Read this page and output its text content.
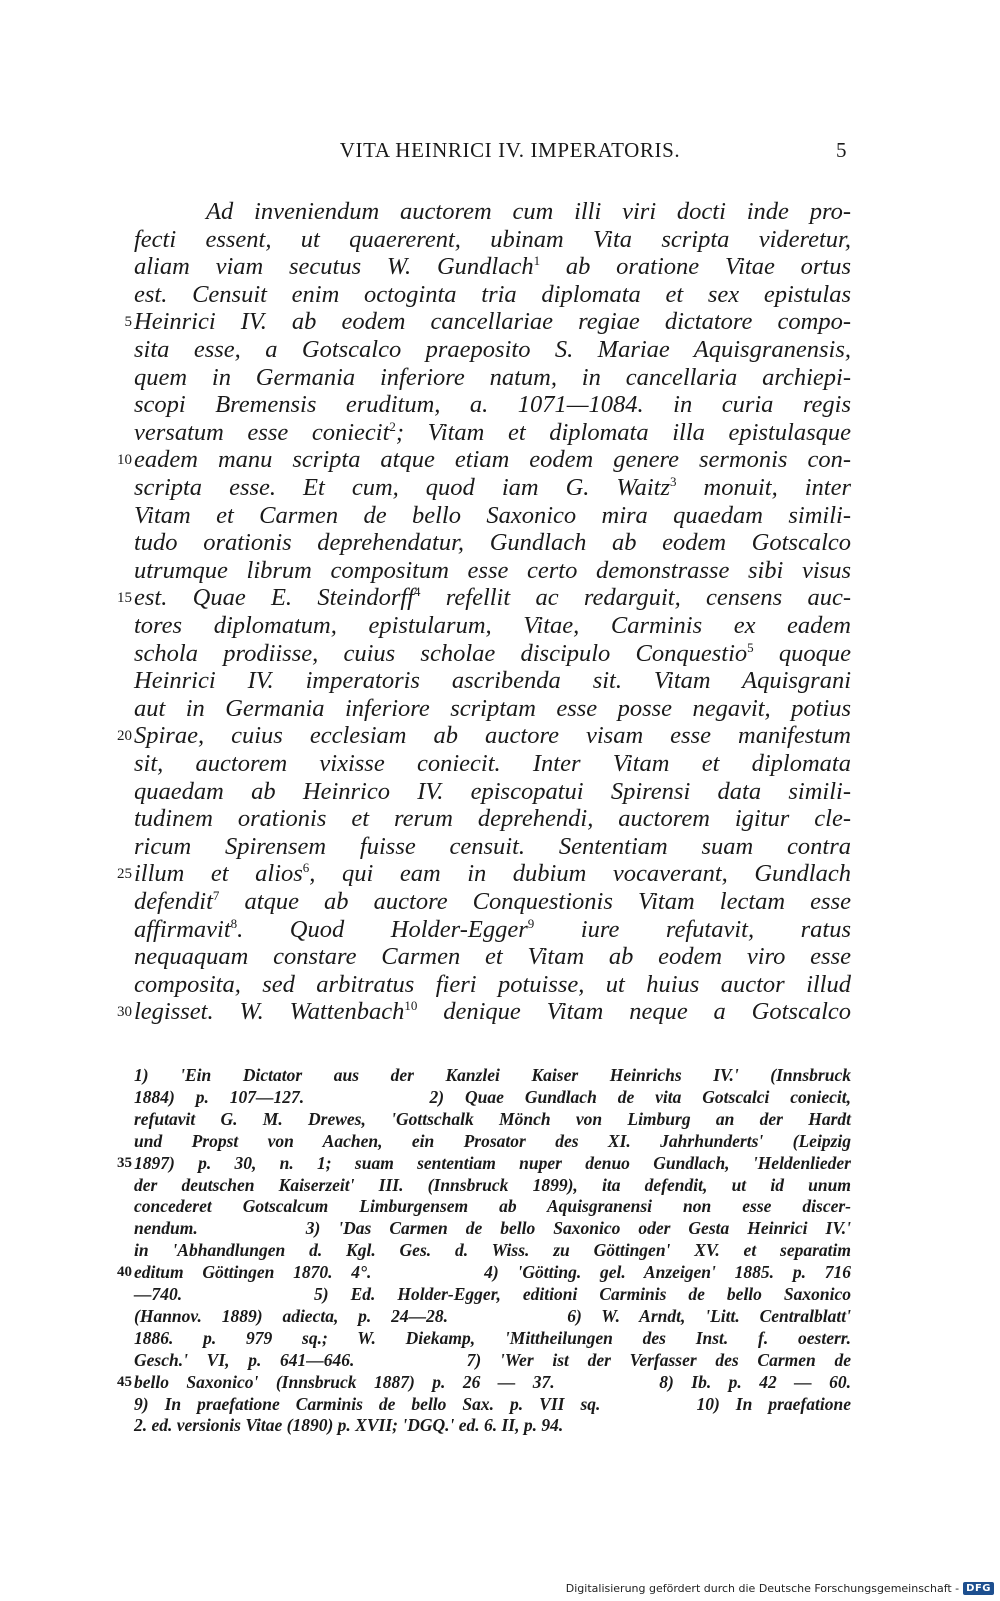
VITA HEINRICI IV. IMPERATORIS.	5
Ad inveniendum auctorem cum illi viri docti inde pro-
fecti essent, ut quaererent, ubinam Vita scripta videretur,
aliam viam secutus W. Gundlach$^1$ ab oratione Vitae ortus
est. Censuit enim octoginta tria diplomata et sex epistulas
Heinrici IV. ab eodem cancellariae regiae dictatore compo-
5
sita esse, a Gotscalco praeposito S. Mariae Aquisgranensis,
quem in Germania inferiore natum, in cancellaria archiepi-
scopi Bremensis eruditum, a. 1071—1084. in curia regis
versatum esse coniecit$^2$; Vitam et diplomata illa epistulasque
eadem manu scripta atque etiam eodem genere sermonis con-
10
scripta esse. Et cum, quod iam G. Waitz$^3$ monuit, inter
Vitam et Carmen de bello Saxonico mira quaedam simili-
tudo orationis deprehendatur, Gundlach ab eodem Gotscalco
utrumque librum compositum esse certo demonstrasse sibi visus
est. Quae E. Steindorff$^4$ refellit ac redarguit, censens auc-
15
tores diplomatum, epistularum, Vitae, Carminis ex eadem
schola prodiisse, cuius scholae discipulo Conquestio$^5$ quoque
Heinrici IV. imperatoris ascribenda sit. Vitam Aquisgrani
aut in Germania inferiore scriptam esse posse negavit, potius
Spirae, cuius ecclesiam ab auctore visam esse manifestum
20
sit, auctorem vixisse coniecit. Inter Vitam et diplomata
quaedam ab Heinrico IV. episcopatui Spirensi data simili-
tudinem orationis et rerum deprehendi, auctorem igitur cle-
ricum Spirensem fuisse censuit. Sententiam suam contra
illum et alios$^6$, qui eam in dubium vocaverant, Gundlach
25
defendit$^7$ atque ab auctore Conquestionis Vitam lectam esse
affirmavit$^8$. Quod Holder-Egger$^9$ iure refutavit, ratus
nequaquam constare Carmen et Vitam ab eodem viro esse
composita, sed arbitratus fieri potuisse, ut huius auctor illud
legisset. W. Wattenbach$^{10}$ denique Vitam neque a Gotscalco
30
1) 'Ein Dictator aus der Kanzlei Kaiser Heinrichs IV.' (Innsbruck
1884) p. 107—127.      2) Quae Gundlach de vita Gotscalci coniecit,
refutavit G. M. Drewes, 'Gottschalk Mönch von Limburg an der Hardt
und Propst von Aachen, ein Prosator des XI. Jahrhunderts' (Leipzig
1897) p. 30, n. 1; suam sententiam nuper denuo Gundlach, 'Heldenlieder
35
der deutschen Kaiserzeit' III. (Innsbruck 1899), ita defendit, ut id unum
concederet Gotscalcum Limburgensem ab Aquisgranensi non esse discer-
nendum.      3) 'Das Carmen de bello Saxonico oder Gesta Heinrici IV.'
in 'Abhandlungen d. Kgl. Ges. d. Wiss. zu Göttingen' XV. et separatim
editum Göttingen 1870. 4°.      4) 'Götting. gel. Anzeigen' 1885. p. 716
40
—740.      5) Ed. Holder-Egger, editioni Carminis de bello Saxonico
(Hannov. 1889) adiecta, p. 24—28.      6) W. Arndt, 'Litt. Centralblatt'
1886. p. 979 sq.; W. Diekamp, 'Mittheilungen des Inst. f. oesterr.
Gesch.' VI, p. 641—646.      7) 'Wer ist der Verfasser des Carmen de
bello Saxonico' (Innsbruck 1887) p. 26 — 37.      8) Ib. p. 42 — 60.
45
9) In praefatione Carminis de bello Sax. p. VII sq.      10) In praefatione
2. ed. versionis Vitae (1890) p. XVII; 'DGQ.' ed. 6. II, p. 94.
Digitalisierung gefördert durch die Deutsche Forschungsgemeinschaft - DFG
